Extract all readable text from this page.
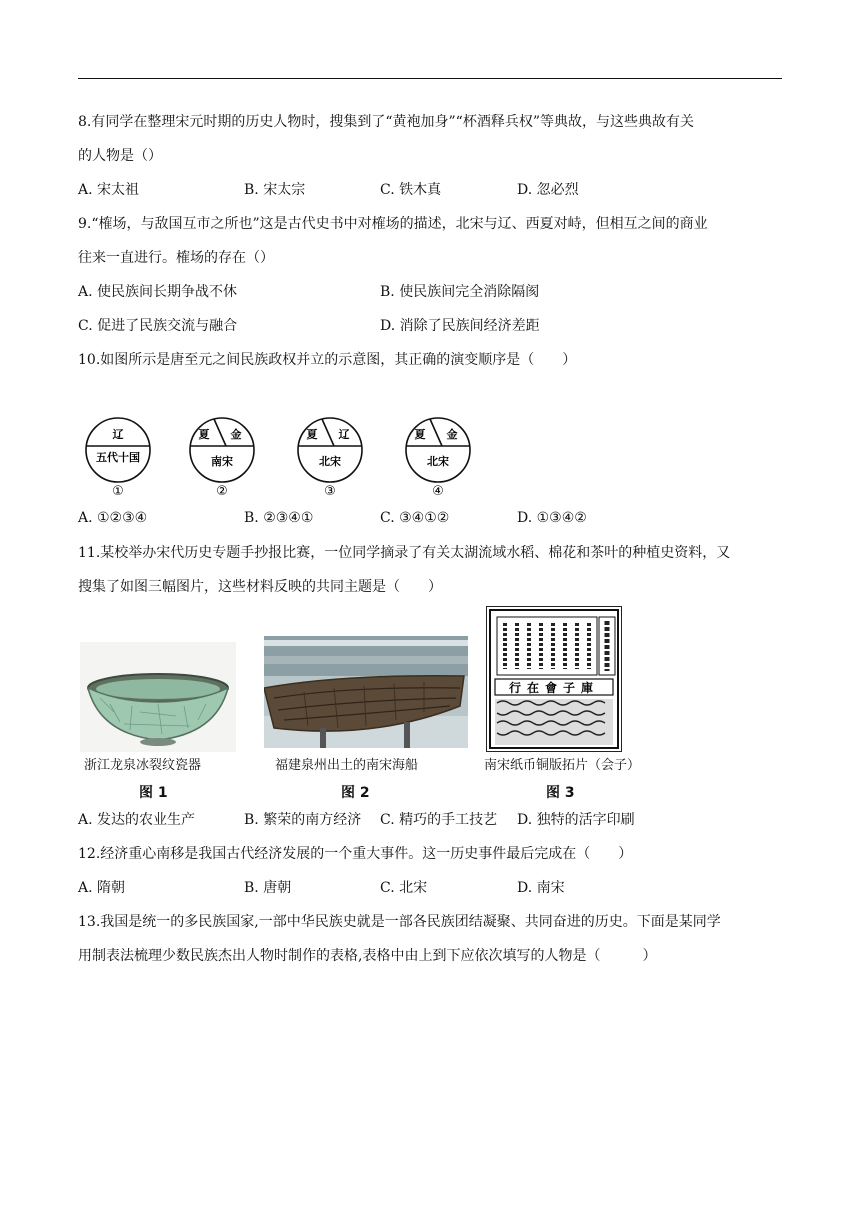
8.有同学在整理宋元时期的历史人物时，搜集到了“黄袍加身”“杯酒释兵权”等典故，与这些典故有关
的人物是（）
A. 宋太祖	B. 宋太宗	C. 铁木真	D. 忽必烈
9.“榷场，与敌国互市之所也”这是古代史书中对榷场的描述，北宋与辽、西夏对峙，但相互之间的商业
往来一直进行。榷场的存在（）
A. 使民族间长期争战不休	B. 使民族间完全消除隔阂
C. 促进了民族交流与融合	D. 消除了民族间经济差距
10.如图所示是唐至元之间民族政权并立的示意图，其正确的演变顺序是（　　）
辽
五代十国
①
夏 金
南宋
②
夏 辽
北宋
③
夏 金
北宋
④
A. ①②③④	B. ②③④①	C. ③④①②	D. ①③④②
11.某校举办宋代历史专题手抄报比赛，一位同学摘录了有关太湖流域水稻、棉花和茶叶的种植史资料，又
搜集了如图三幅图片，这些材料反映的共同主题是（　　）
浙江龙泉冰裂纹瓷器
图 1
福建泉州出土的南宋海船
图 2
行在會子庫
南宋纸币铜版拓片（会子）
图 3
A. 发达的农业生产	B. 繁荣的南方经济 C. 精巧的手工技艺 D. 独特的活字印刷
12.经济重心南移是我国古代经济发展的一个重大事件。这一历史事件最后完成在（　　）
A. 隋朝	B. 唐朝	C. 北宋	D. 南宋
13.我国是统一的多民族国家,一部中华民族史就是一部各民族团结凝聚、共同奋进的历史。下面是某同学
用制表法梳理少数民族杰出人物时制作的表格,表格中由上到下应依次填写的人物是（　　　）
